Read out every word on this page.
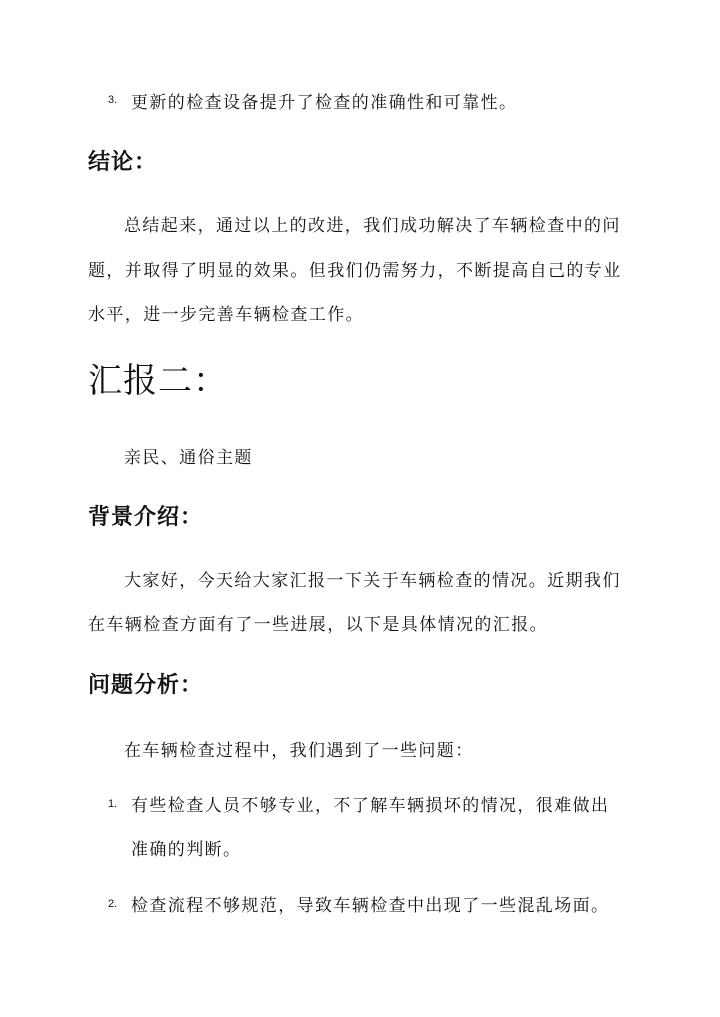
3. 更新的检查设备提升了检查的准确性和可靠性。
结论：
总结起来，通过以上的改进，我们成功解决了车辆检查中的问
题，并取得了明显的效果。但我们仍需努力，不断提高自己的专业
水平，进一步完善车辆检查工作。
汇报二：
亲民、通俗主题
背景介绍：
大家好，今天给大家汇报一下关于车辆检查的情况。近期我们
在车辆检查方面有了一些进展，以下是具体情况的汇报。
问题分析：
在车辆检查过程中，我们遇到了一些问题：
1. 有些检查人员不够专业，不了解车辆损坏的情况，很难做出
准确的判断。
2. 检查流程不够规范，导致车辆检查中出现了一些混乱场面。
